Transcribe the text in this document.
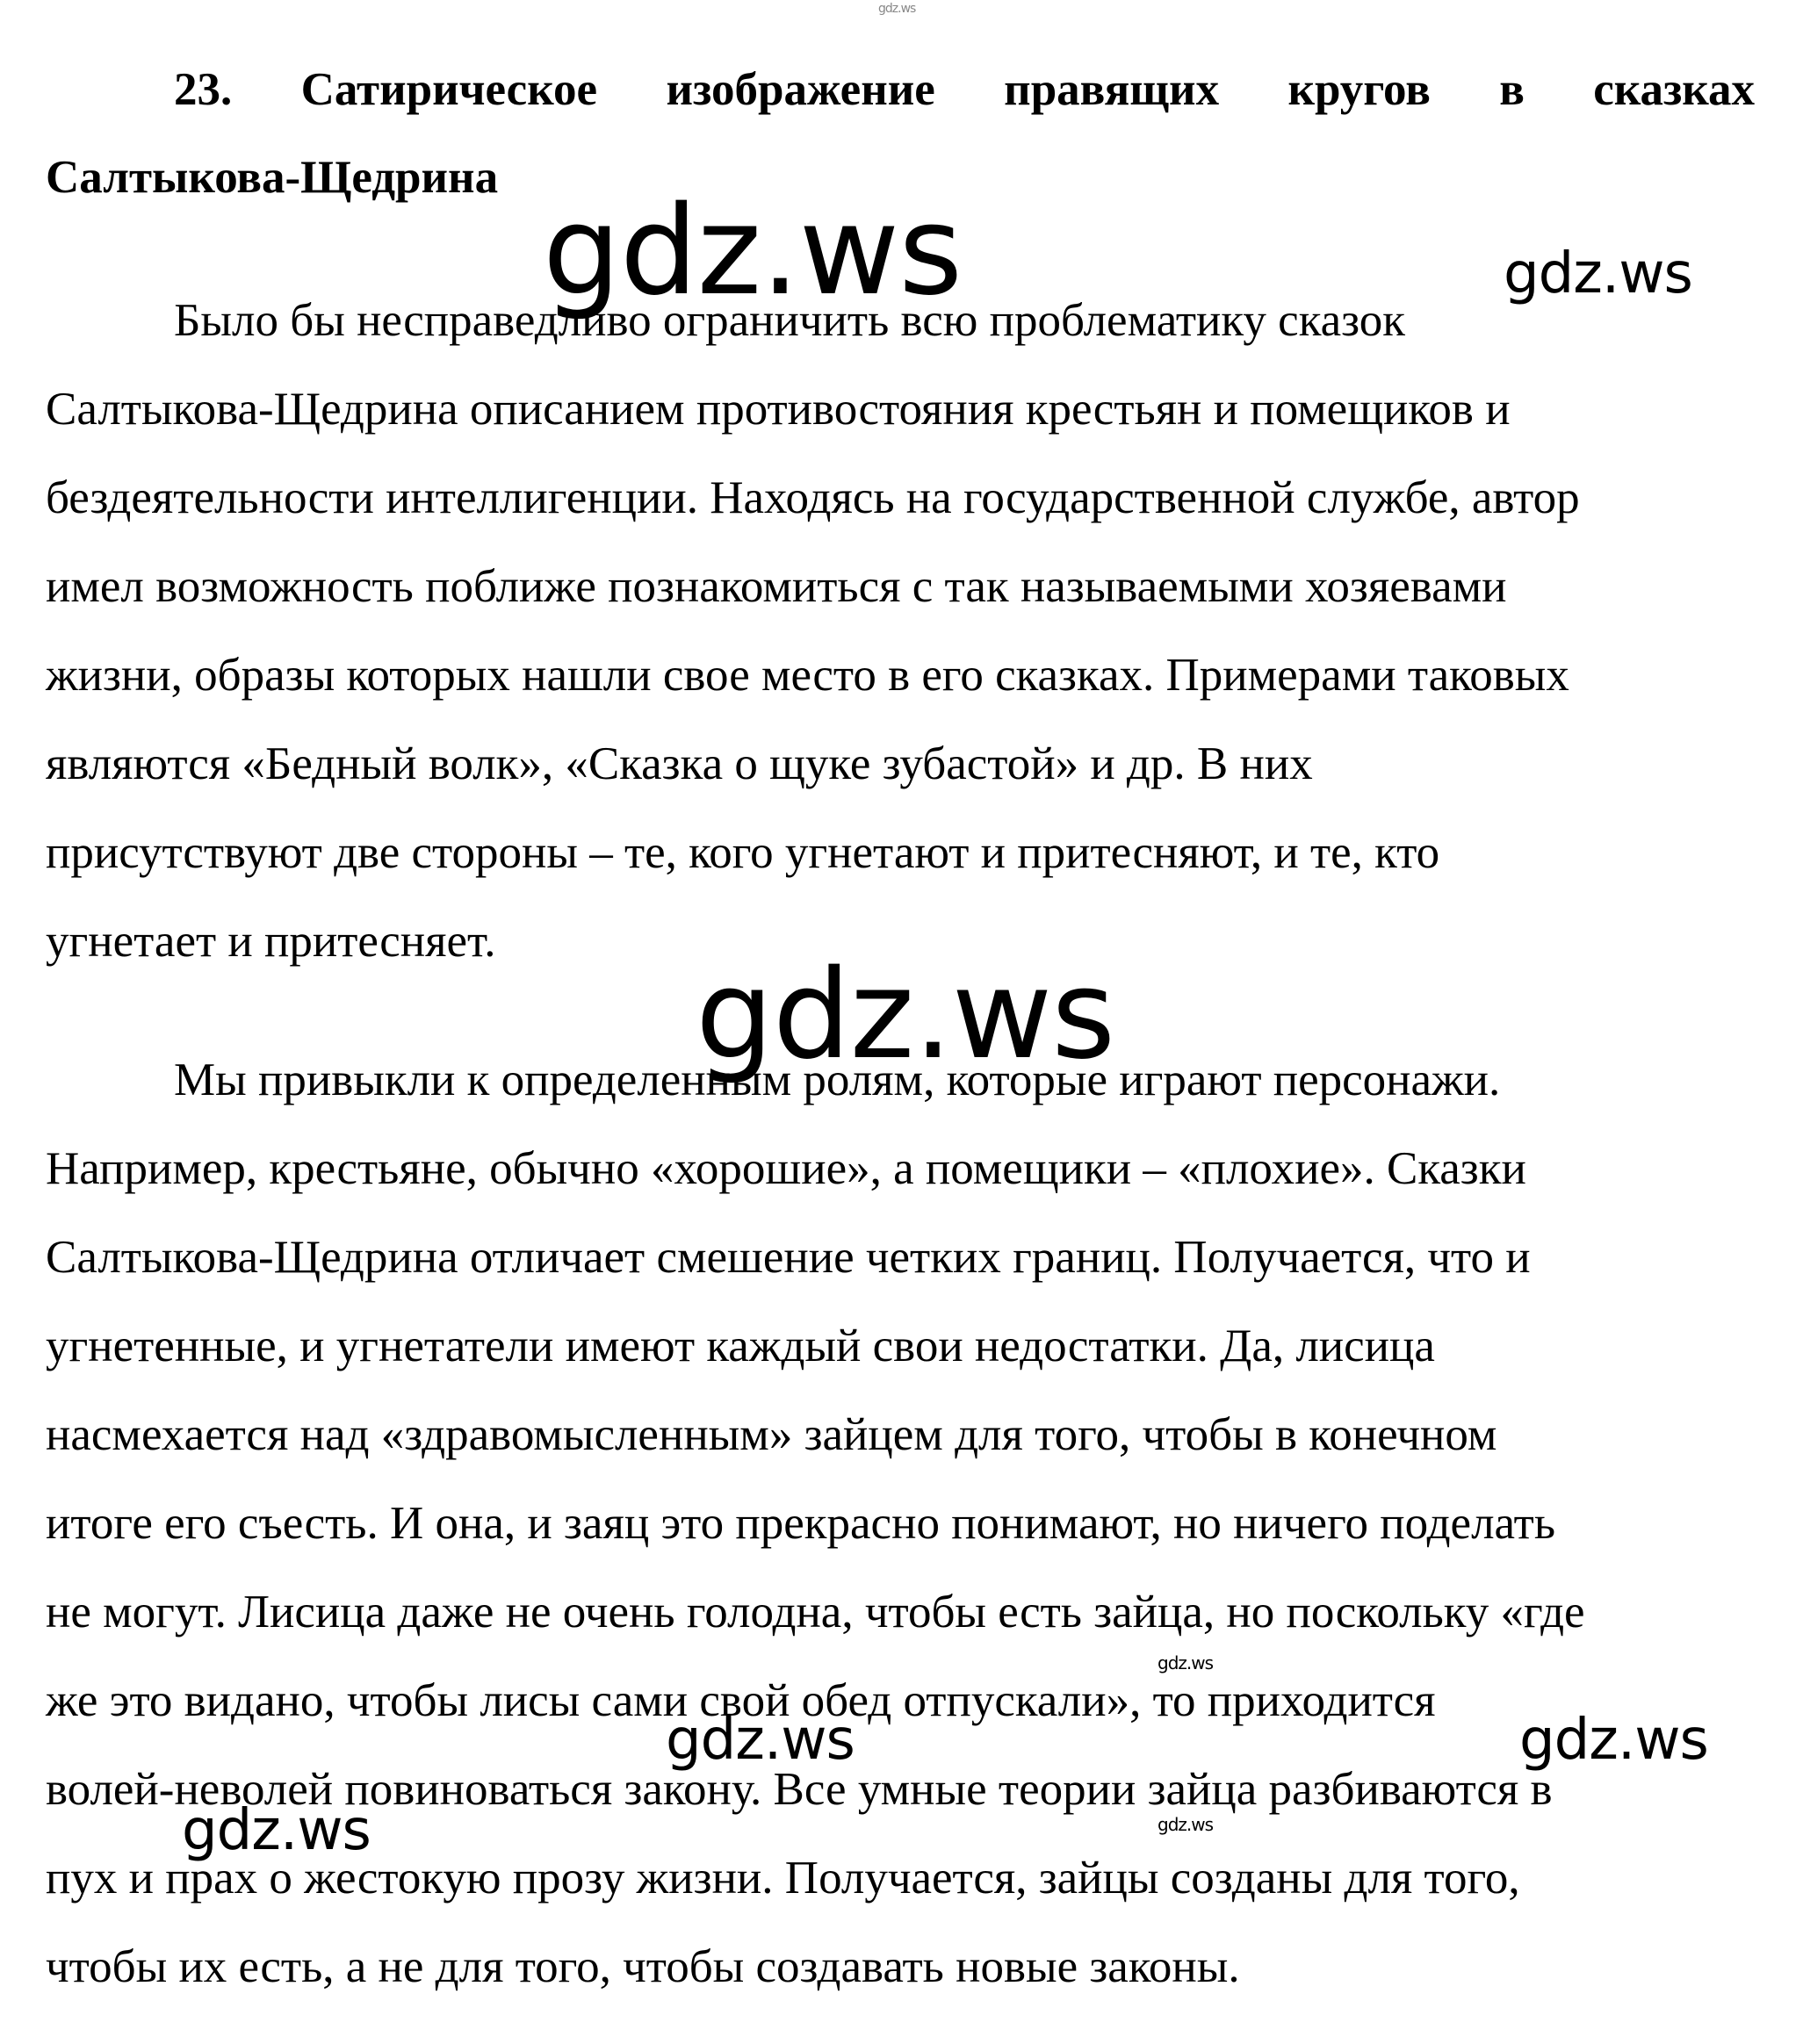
23. Сатирическое изображение правящих кругов в сказках
Салтыкова-Щедрина
Было бы несправедливо ограничить всю проблематику сказок
Салтыкова-Щедрина описанием противостояния крестьян и помещиков и
бездеятельности интеллигенции. Находясь на государственной службе, автор
имел возможность поближе познакомиться с так называемыми хозяевами
жизни, образы которых нашли свое место в его сказках. Примерами таковых
являются «Бедный волк», «Сказка о щуке зубастой» и др. В них
присутствуют две стороны – те, кого угнетают и притесняют, и те, кто
угнетает и притесняет.
Мы привыкли к определенным ролям, которые играют персонажи.
Например, крестьяне, обычно «хорошие», а помещики – «плохие». Сказки
Салтыкова-Щедрина отличает смешение четких границ. Получается, что и
угнетенные, и угнетатели имеют каждый свои недостатки. Да, лисица
насмехается над «здравомысленным» зайцем для того, чтобы в конечном
итоге его съесть. И она, и заяц это прекрасно понимают, но ничего поделать
не могут. Лисица даже не очень голодна, чтобы есть зайца, но поскольку «где
же это видано, чтобы лисы сами свой обед отпускали», то приходится
волей-неволей повиноваться закону. Все умные теории зайца разбиваются в
пух и прах о жестокую прозу жизни. Получается, зайцы созданы для того,
чтобы их есть, а не для того, чтобы создавать новые законы.
gdz.ws
gdz.ws	gdz.ws
gdz.ws
gdz.ws
gdz.ws	gdz.ws
gdz.ws
gdz.ws
